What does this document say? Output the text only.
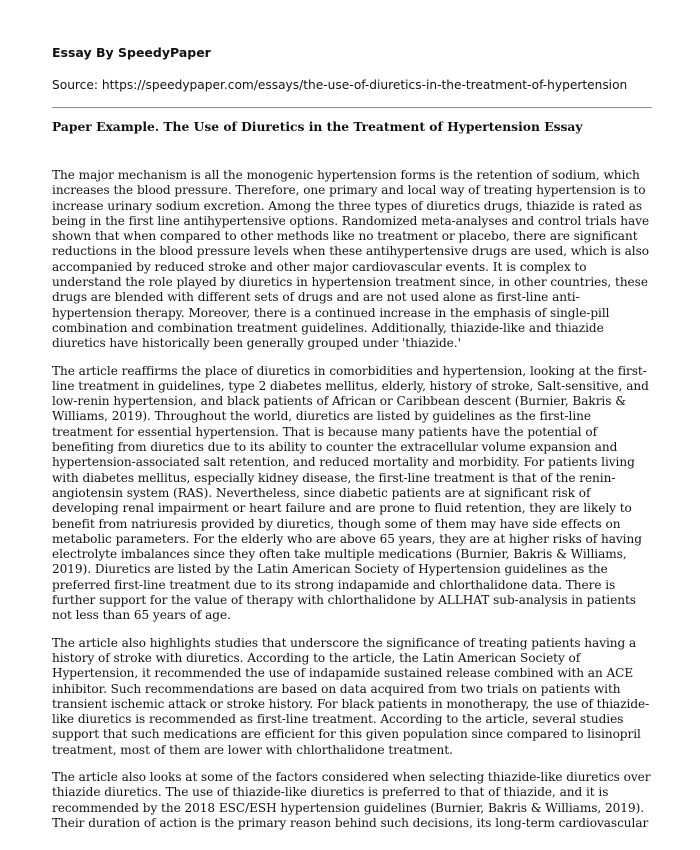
Essay By SpeedyPaper
Source: https://speedypaper.com/essays/the-use-of-diuretics-in-the-treatment-of-hypertension
Paper Example. The Use of Diuretics in the Treatment of Hypertension Essay

The major mechanism is all the monogenic hypertension forms is the retention of sodium, which increases the blood pressure. Therefore, one primary and local way of treating hypertension is to increase urinary sodium excretion. Among the three types of diuretics drugs, thiazide is rated as being in the first line antihypertensive options. Randomized meta-analyses and control trials have shown that when compared to other methods like no treatment or placebo, there are significant reductions in the blood pressure levels when these antihypertensive drugs are used, which is also accompanied by reduced stroke and other major cardiovascular events. It is complex to understand the role played by diuretics in hypertension treatment since, in other countries, these drugs are blended with different sets of drugs and are not used alone as first-line anti-hypertension therapy. Moreover, there is a continued increase in the emphasis of single-pill combination and combination treatment guidelines. Additionally, thiazide-like and thiazide diuretics have historically been generally grouped under 'thiazide.'

The article reaffirms the place of diuretics in comorbidities and hypertension, looking at the first-line treatment in guidelines, type 2 diabetes mellitus, elderly, history of stroke, Salt-sensitive, and low-renin hypertension, and black patients of African or Caribbean descent (Burnier, Bakris & Williams, 2019). Throughout the world, diuretics are listed by guidelines as the first-line treatment for essential hypertension. That is because many patients have the potential of benefiting from diuretics due to its ability to counter the extracellular volume expansion and hypertension-associated salt retention, and reduced mortality and morbidity. For patients living with diabetes mellitus, especially kidney disease, the first-line treatment is that of the renin-angiotensin system (RAS). Nevertheless, since diabetic patients are at significant risk of developing renal impairment or heart failure and are prone to fluid retention, they are likely to benefit from natriuresis provided by diuretics, though some of them may have side effects on metabolic parameters. For the elderly who are above 65 years, they are at higher risks of having electrolyte imbalances since they often take multiple medications (Burnier, Bakris & Williams, 2019). Diuretics are listed by the Latin American Society of Hypertension guidelines as the preferred first-line treatment due to its strong indapamide and chlorthalidone data. There is further support for the value of therapy with chlorthalidone by ALLHAT sub-analysis in patients not less than 65 years of age.

The article also highlights studies that underscore the significance of treating patients having a history of stroke with diuretics. According to the article, the Latin American Society of Hypertension, it recommended the use of indapamide sustained release combined with an ACE inhibitor. Such recommendations are based on data acquired from two trials on patients with transient ischemic attack or stroke history. For black patients in monotherapy, the use of thiazide-like diuretics is recommended as first-line treatment. According to the article, several studies support that such medications are efficient for this given population since compared to lisinopril treatment, most of them are lower with chlorthalidone treatment.

The article also looks at some of the factors considered when selecting thiazide-like diuretics over thiazide diuretics. The use of thiazide-like diuretics is preferred to that of thiazide, and it is recommended by the 2018 ESC/ESH hypertension guidelines (Burnier, Bakris & Williams, 2019). Their duration of action is the primary reason behind such decisions, its long-term cardiovascular
